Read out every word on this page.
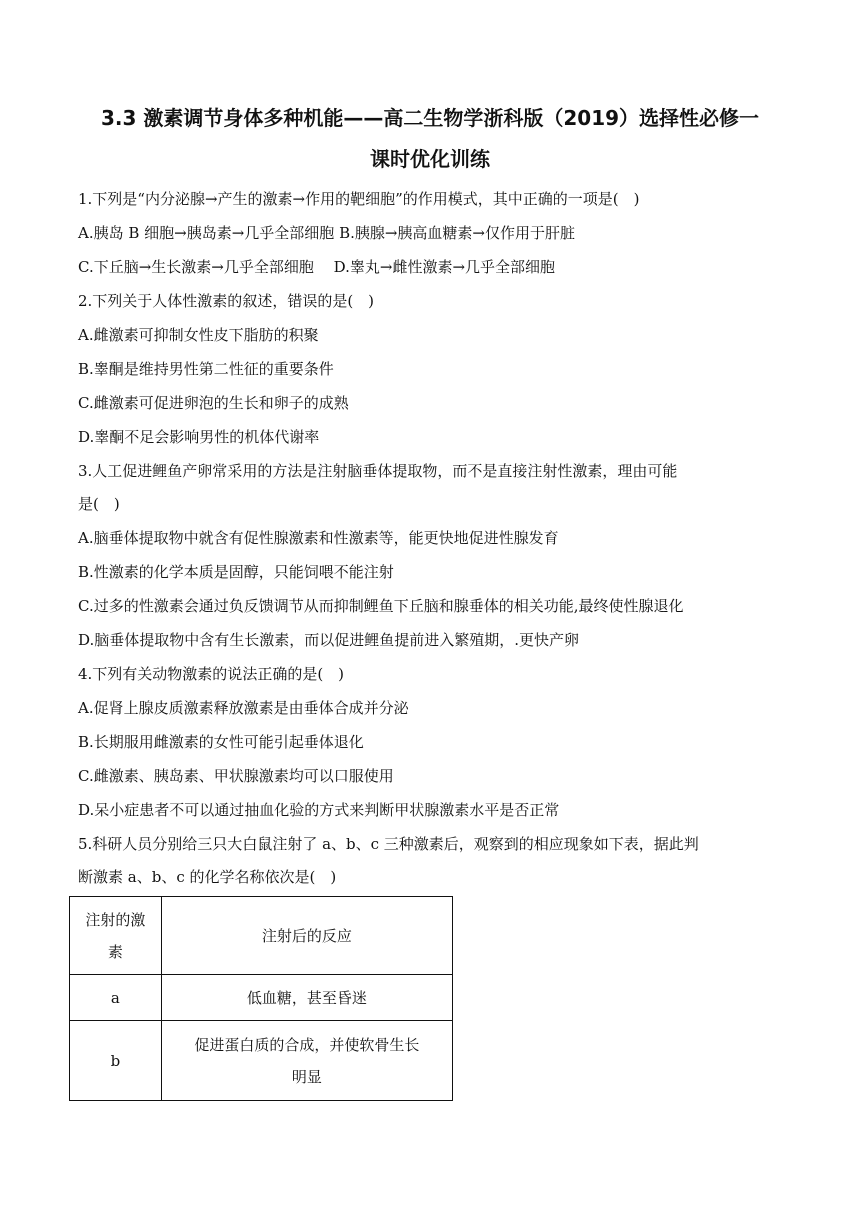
3.3 激素调节身体多种机能——高二生物学浙科版（2019）选择性必修一
课时优化训练
1.下列是“内分泌腺→产生的激素→作用的靶细胞”的作用模式，其中正确的一项是(　)
A.胰岛 B 细胞→胰岛素→几乎全部细胞 B.胰腺→胰高血糖素→仅作用于肝脏
C.下丘脑→生长激素→几乎全部细胞　 D.睾丸→雌性激素→几乎全部细胞
2.下列关于人体性激素的叙述，错误的是(　)
A.雌激素可抑制女性皮下脂肪的积聚
B.睾酮是维持男性第二性征的重要条件
C.雌激素可促进卵泡的生长和卵子的成熟
D.睾酮不足会影响男性的机体代谢率
3.人工促进鲤鱼产卵常采用的方法是注射脑垂体提取物，而不是直接注射性激素，理由可能
是(　)
A.脑垂体提取物中就含有促性腺激素和性激素等，能更快地促进性腺发育
B.性激素的化学本质是固醇，只能饲喂不能注射
C.过多的性激素会通过负反馈调节从而抑制鲤鱼下丘脑和腺垂体的相关功能,最终使性腺退化
D.脑垂体提取物中含有生长激素，而以促进鲤鱼提前进入繁殖期，.更快产卵
4.下列有关动物激素的说法正确的是(　)
A.促肾上腺皮质激素释放激素是由垂体合成并分泌
B.长期服用雌激素的女性可能引起垂体退化
C.雌激素、胰岛素、甲状腺激素均可以口服使用
D.呆小症患者不可以通过抽血化验的方式来判断甲状腺激素水平是否正常
5.科研人员分别给三只大白鼠注射了 a、b、c 三种激素后，观察到的相应现象如下表，据此判
断激素 a、b、c 的化学名称依次是(　)
注射的激
素	注射后的反应
a	低血糖，甚至昏迷

b	促进蛋白质的合成，并使软骨生长
明显
